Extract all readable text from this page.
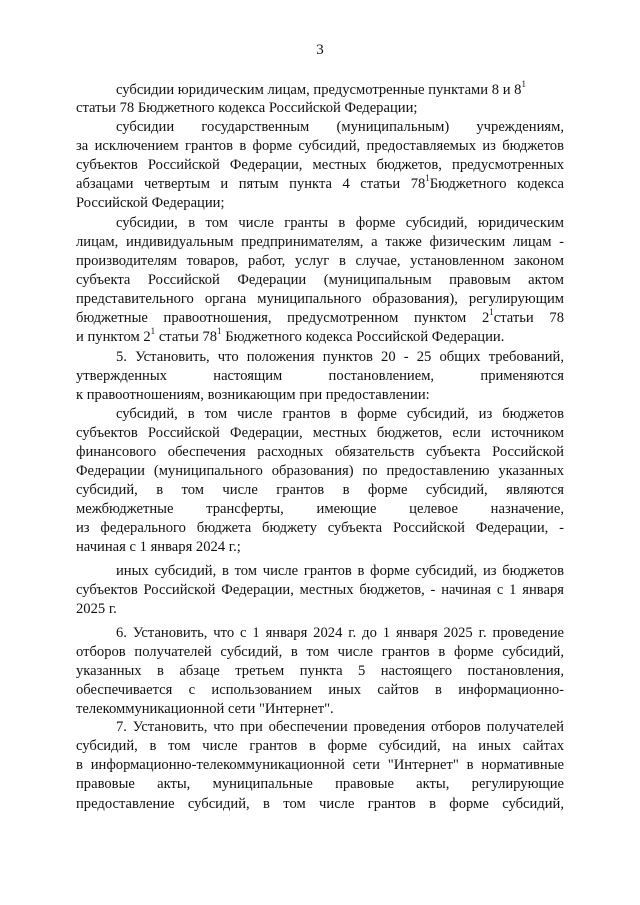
3
субсидии юридическим лицам, предусмотренные пунктами 8 и $8^1$
статьи 78 Бюджетного кодекса Российской Федерации;
субсидии государственным (муниципальным) учреждениям,
за исключением грантов в форме субсидий, предоставляемых из бюджетов
субъектов Российской Федерации, местных бюджетов, предусмотренных
абзацами четвертым и пятым пункта 4 статьи $78^1Бюджетного$ кодекса
Российской Федерации;
субсидии, в том числе гранты в форме субсидий, юридическим
лицам, индивидуальным предпринимателям, а также физическим лицам -
производителям товаров, работ, услуг в случае, установленном законом
субъекта Российской Федерации (муниципальным правовым актом
представительного органа муниципального образования), регулирующим
бюджетные правоотношения, предусмотренном пунктом $2^1статьи$ 78
и пунктом $2^1$ статьи $78^1$ Бюджетного кодекса Российской Федерации.
5. Установить, что положения пунктов 20 - 25 общих требований,
утвержденных настоящим постановлением, применяются
к правоотношениям, возникающим при предоставлении:
субсидий, в том числе грантов в форме субсидий, из бюджетов
субъектов Российской Федерации, местных бюджетов, если источником
финансового обеспечения расходных обязательств субъекта Российской
Федерации (муниципального образования) по предоставлению указанных
субсидий, в том числе грантов в форме субсидий, являются
межбюджетные трансферты, имеющие целевое назначение,
из федерального бюджета бюджету субъекта Российской Федерации, -
начиная с 1 января 2024 г.;
иных субсидий, в том числе грантов в форме субсидий, из бюджетов
субъектов Российской Федерации, местных бюджетов, - начиная с 1 января
2025 г.
6. Установить, что с 1 января 2024 г. до 1 января 2025 г. проведение
отборов получателей субсидий, в том числе грантов в форме субсидий,
указанных в абзаце третьем пункта 5 настоящего постановления,
обеспечивается с использованием иных сайтов в информационно-
телекоммуникационной сети "Интернет".
7. Установить, что при обеспечении проведения отборов получателей
субсидий, в том числе грантов в форме субсидий, на иных сайтах
в информационно-телекоммуникационной сети "Интернет" в нормативные
правовые акты, муниципальные правовые акты, регулирующие
предоставление субсидий, в том числе грантов в форме субсидий,
